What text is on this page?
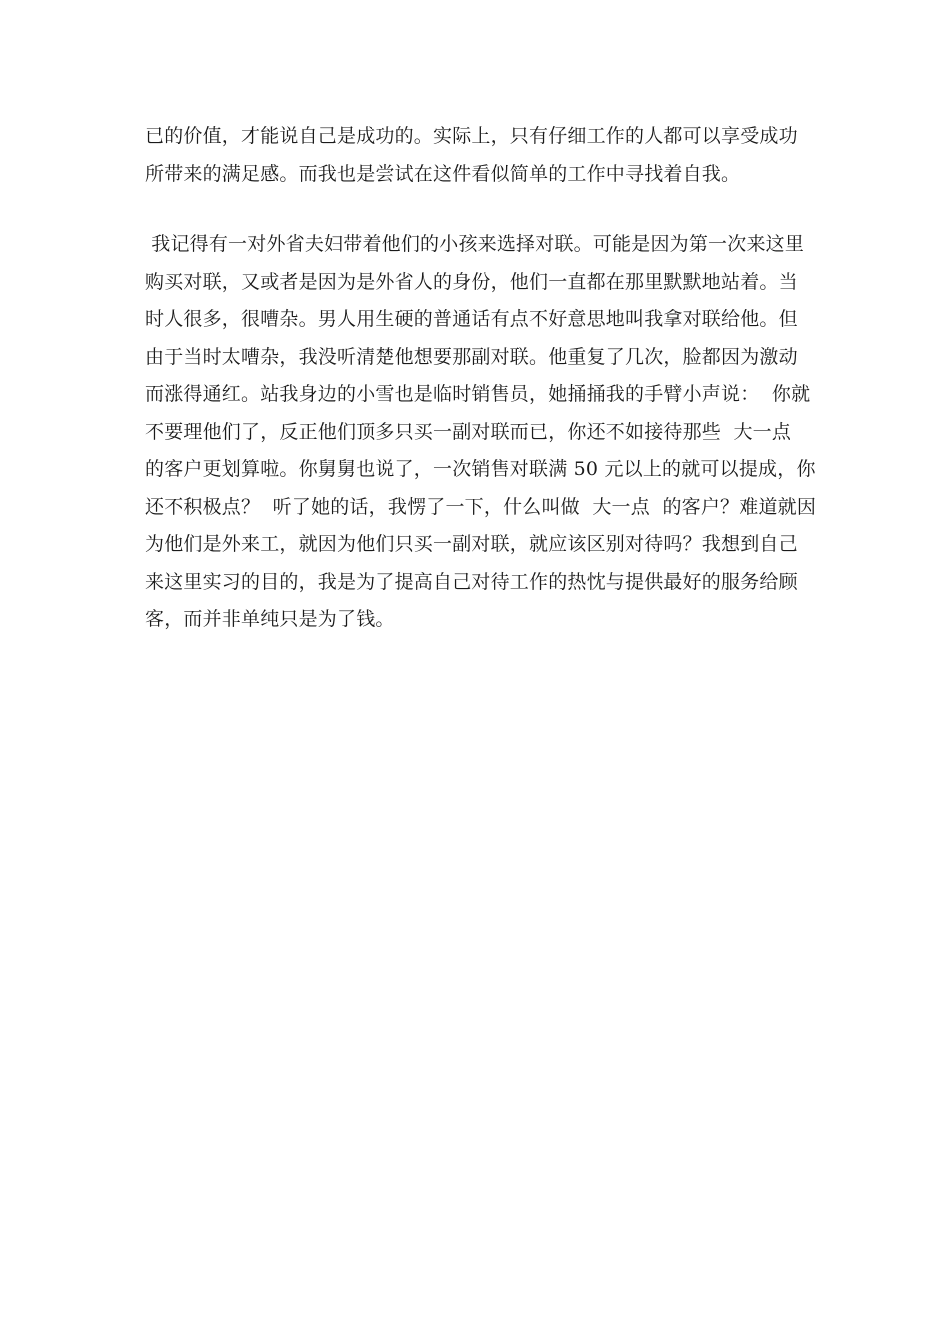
已的价值，才能说自己是成功的。实际上，只有仔细工作的人都可以享受成功
所带来的满足感。而我也是尝试在这件看似简单的工作中寻找着自我。
我记得有一对外省夫妇带着他们的小孩来选择对联。可能是因为第一次来这里
购买对联，又或者是因为是外省人的身份，他们一直都在那里默默地站着。当
时人很多，很嘈杂。男人用生硬的普通话有点不好意思地叫我拿对联给他。但
由于当时太嘈杂，我没听清楚他想要那副对联。他重复了几次，脸都因为激动
而涨得通红。站我身边的小雪也是临时销售员，她捅捅我的手臂小声说：  你就
不要理他们了，反正他们顶多只买一副对联而已，你还不如接待那些  大一点
的客户更划算啦。你舅舅也说了，一次销售对联满 50 元以上的就可以提成，你
还不积极点？  听了她的话，我愣了一下，什么叫做  大一点  的客户？难道就因
为他们是外来工，就因为他们只买一副对联，就应该区别对待吗？我想到自己
来这里实习的目的，我是为了提高自己对待工作的热忱与提供最好的服务给顾
客，而并非单纯只是为了钱。
